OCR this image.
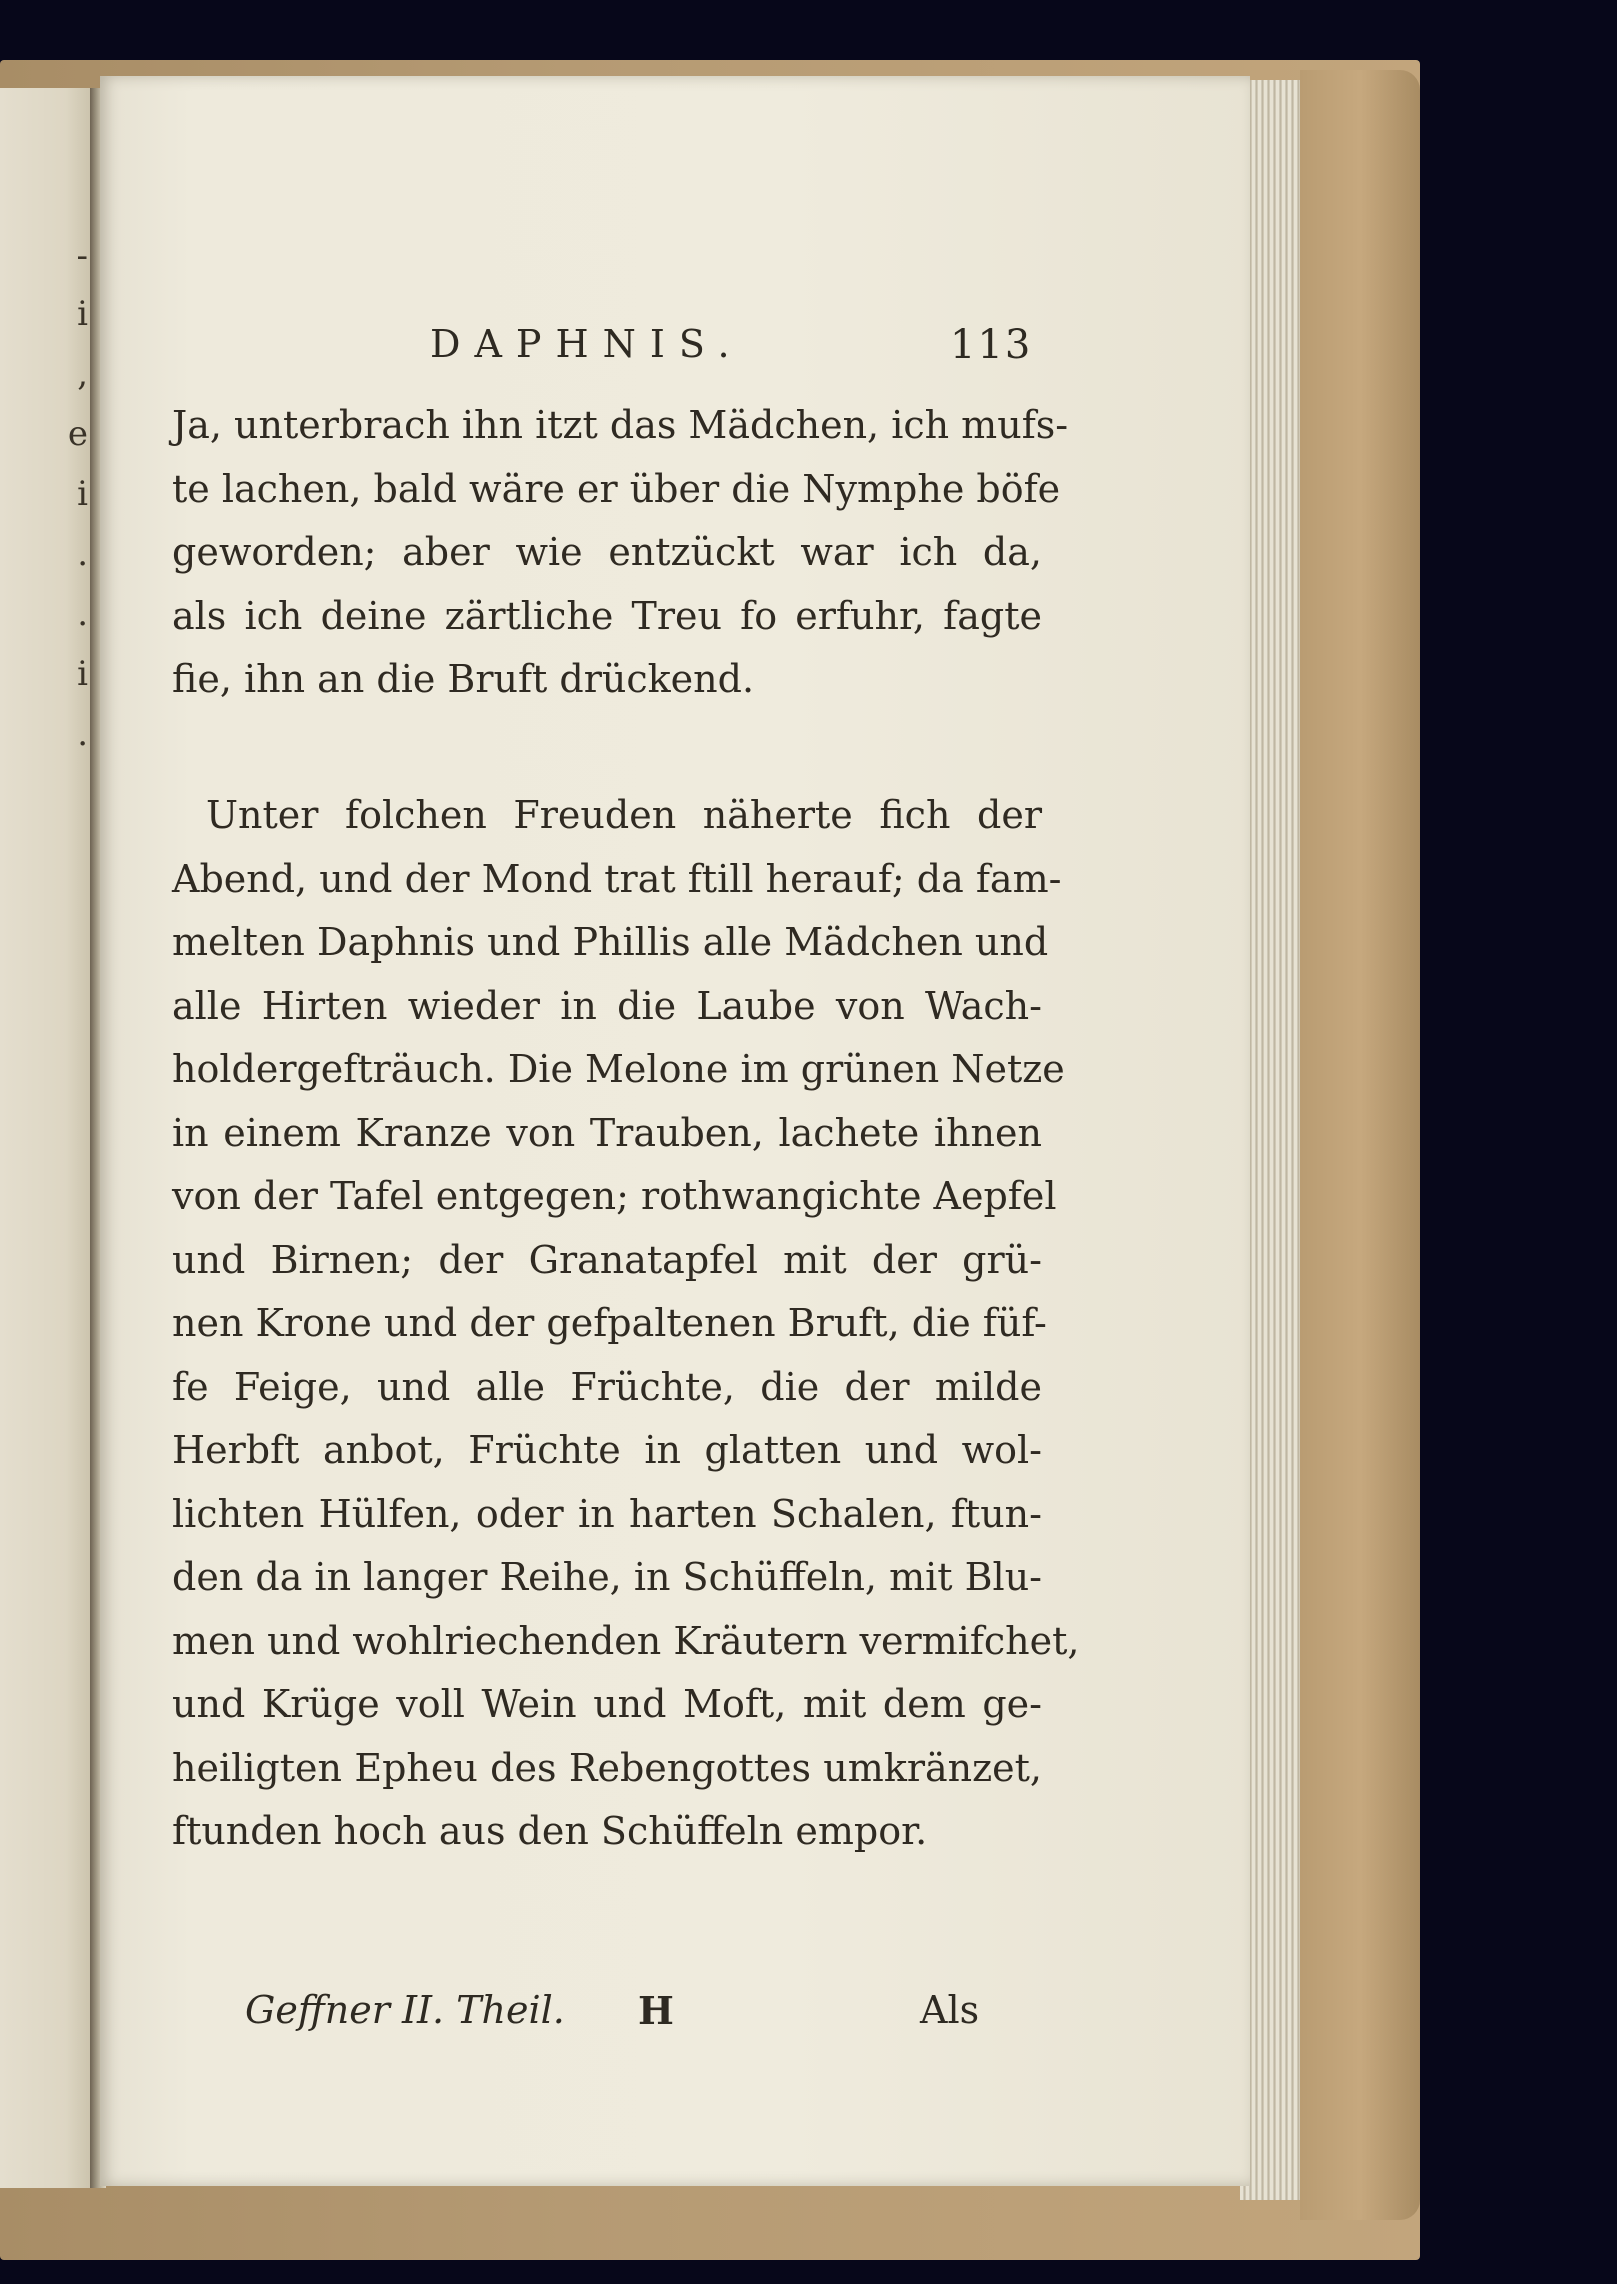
-
i
,
e
i
.
.
i
.
DAPHNIS.	113
Ja, unterbrach ihn itzt das Mädchen, ich mufs-
te lachen, bald wäre er über die Nymphe böfe
geworden; aber wie entzückt war ich da,
als ich deine zärtliche Treu fo erfuhr, fagte
fie, ihn an die Bruft drückend.
Unter folchen Freuden näherte fich der
Abend, und der Mond trat ftill herauf; da fam-
melten Daphnis und Phillis alle Mädchen und
alle Hirten wieder in die Laube von Wach-
holdergefträuch. Die Melone im grünen Netze
in einem Kranze von Trauben, lachete ihnen
von der Tafel entgegen; rothwangichte Aepfel
und Birnen; der Granatapfel mit der grü-
nen Krone und der gefpaltenen Bruft, die füf-
fe Feige, und alle Früchte, die der milde
Herbft anbot, Früchte in glatten und wol-
lichten Hülfen, oder in harten Schalen, ftun-
den da in langer Reihe, in Schüffeln, mit Blu-
men und wohlriechenden Kräutern vermifchet,
und Krüge voll Wein und Moft, mit dem ge-
heiligten Epheu des Rebengottes umkränzet,
ftunden hoch aus den Schüffeln empor.
Geffner II. Theil. H	Als
